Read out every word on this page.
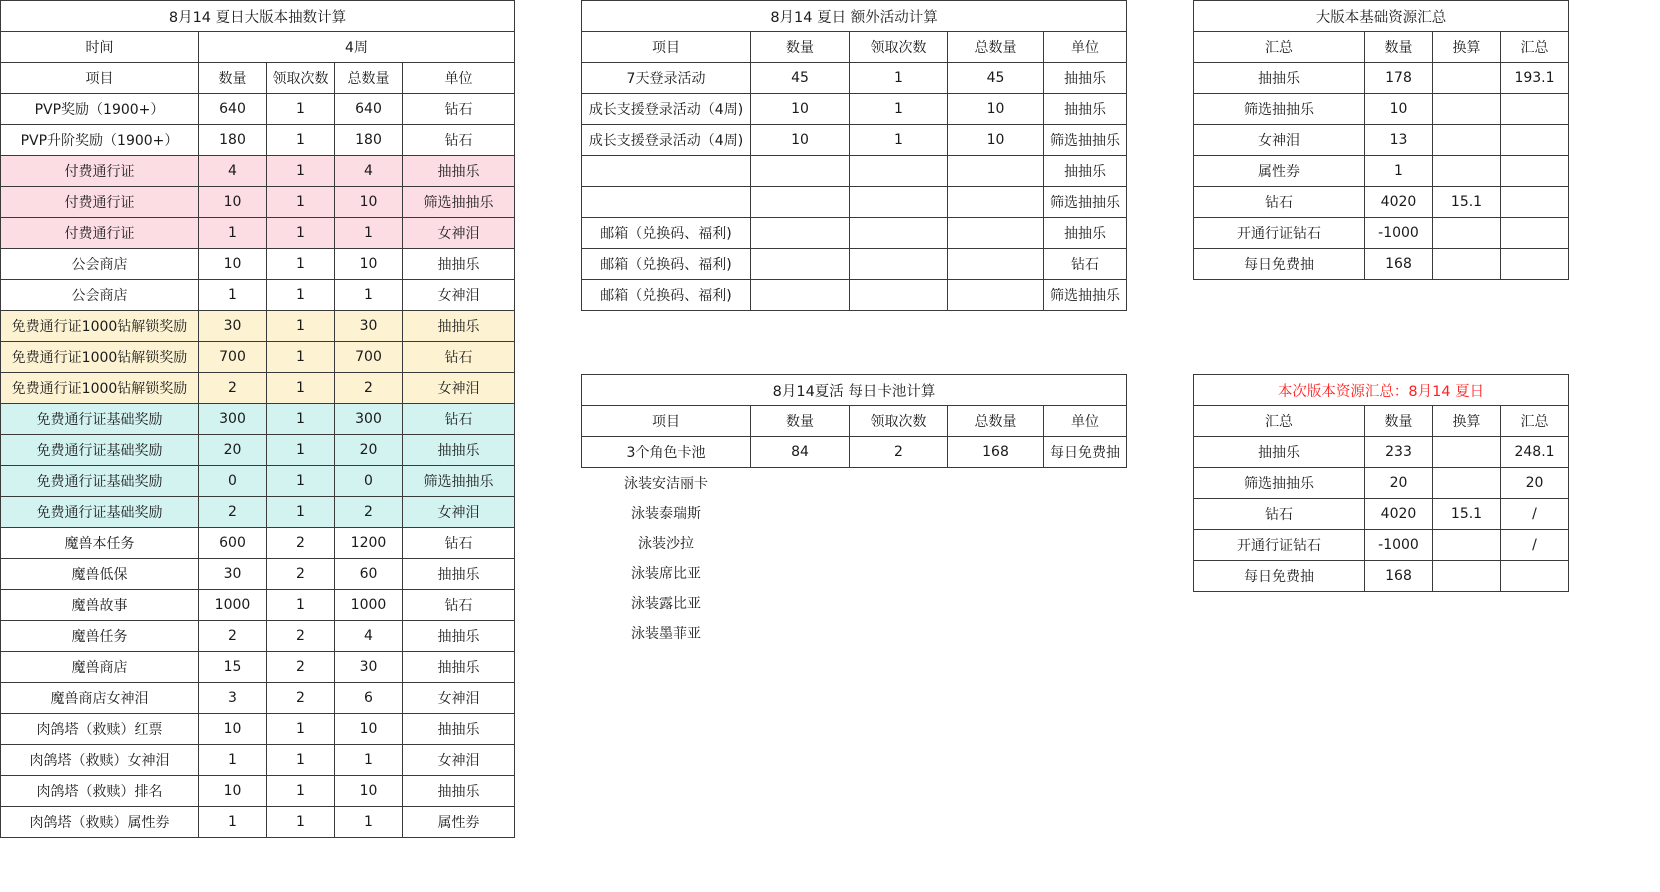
8月14 夏日大版本抽数计算				
时间	4周			
项目	数量	领取次数	总数量	单位
PVP奖励（1900+）	640	1	640	钻石
PVP升阶奖励（1900+）	180	1	180	钻石
付费通行证	4	1	4	抽抽乐
付费通行证	10	1	10	筛选抽抽乐
付费通行证	1	1	1	女神泪
公会商店	10	1	10	抽抽乐
公会商店	1	1	1	女神泪
免费通行证1000钻解锁奖励	30	1	30	抽抽乐
免费通行证1000钻解锁奖励	700	1	700	钻石
免费通行证1000钻解锁奖励	2	1	2	女神泪
免费通行证基础奖励	300	1	300	钻石
免费通行证基础奖励	20	1	20	抽抽乐
免费通行证基础奖励	0	1	0	筛选抽抽乐
免费通行证基础奖励	2	1	2	女神泪
魔兽本任务	600	2	1200	钻石
魔兽低保	30	2	60	抽抽乐
魔兽故事	1000	1	1000	钻石
魔兽任务	2	2	4	抽抽乐
魔兽商店	15	2	30	抽抽乐
魔兽商店女神泪	3	2	6	女神泪
肉鸽塔（救赎）红票	10	1	10	抽抽乐
肉鸽塔（救赎）女神泪	1	1	1	女神泪
肉鸽塔（救赎）排名	10	1	10	抽抽乐
肉鸽塔（救赎）属性券	1	1	1	属性券
8月14 夏日 额外活动计算				
项目	数量	领取次数	总数量	单位
7天登录活动	45	1	45	抽抽乐
成长支援登录活动（4周)	10	1	10	抽抽乐
成长支援登录活动（4周)	10	1	10	筛选抽抽乐
				抽抽乐
				筛选抽抽乐
邮箱（兑换码、福利)				抽抽乐
邮箱（兑换码、福利)				钻石
邮箱（兑换码、福利)				筛选抽抽乐
8月14夏活 每日卡池计算				
项目	数量	领取次数	总数量	单位
3个角色卡池	84	2	168	每日免费抽
泳装安洁丽卡				
泳装泰瑞斯				
泳装沙拉				
泳装席比亚				
泳装露比亚				
泳装墨菲亚				
大版本基础资源汇总			
汇总	数量	换算	汇总
抽抽乐	178		193.1
筛选抽抽乐	10		
女神泪	13		
属性券	1		
钻石	4020	15.1	
开通行证钻石	-1000		
每日免费抽	168		
本次版本资源汇总：8月14 夏日			
汇总	数量	换算	汇总
抽抽乐	233		248.1
筛选抽抽乐	20		20
钻石	4020	15.1	/
开通行证钻石	-1000		/
每日免费抽	168		
